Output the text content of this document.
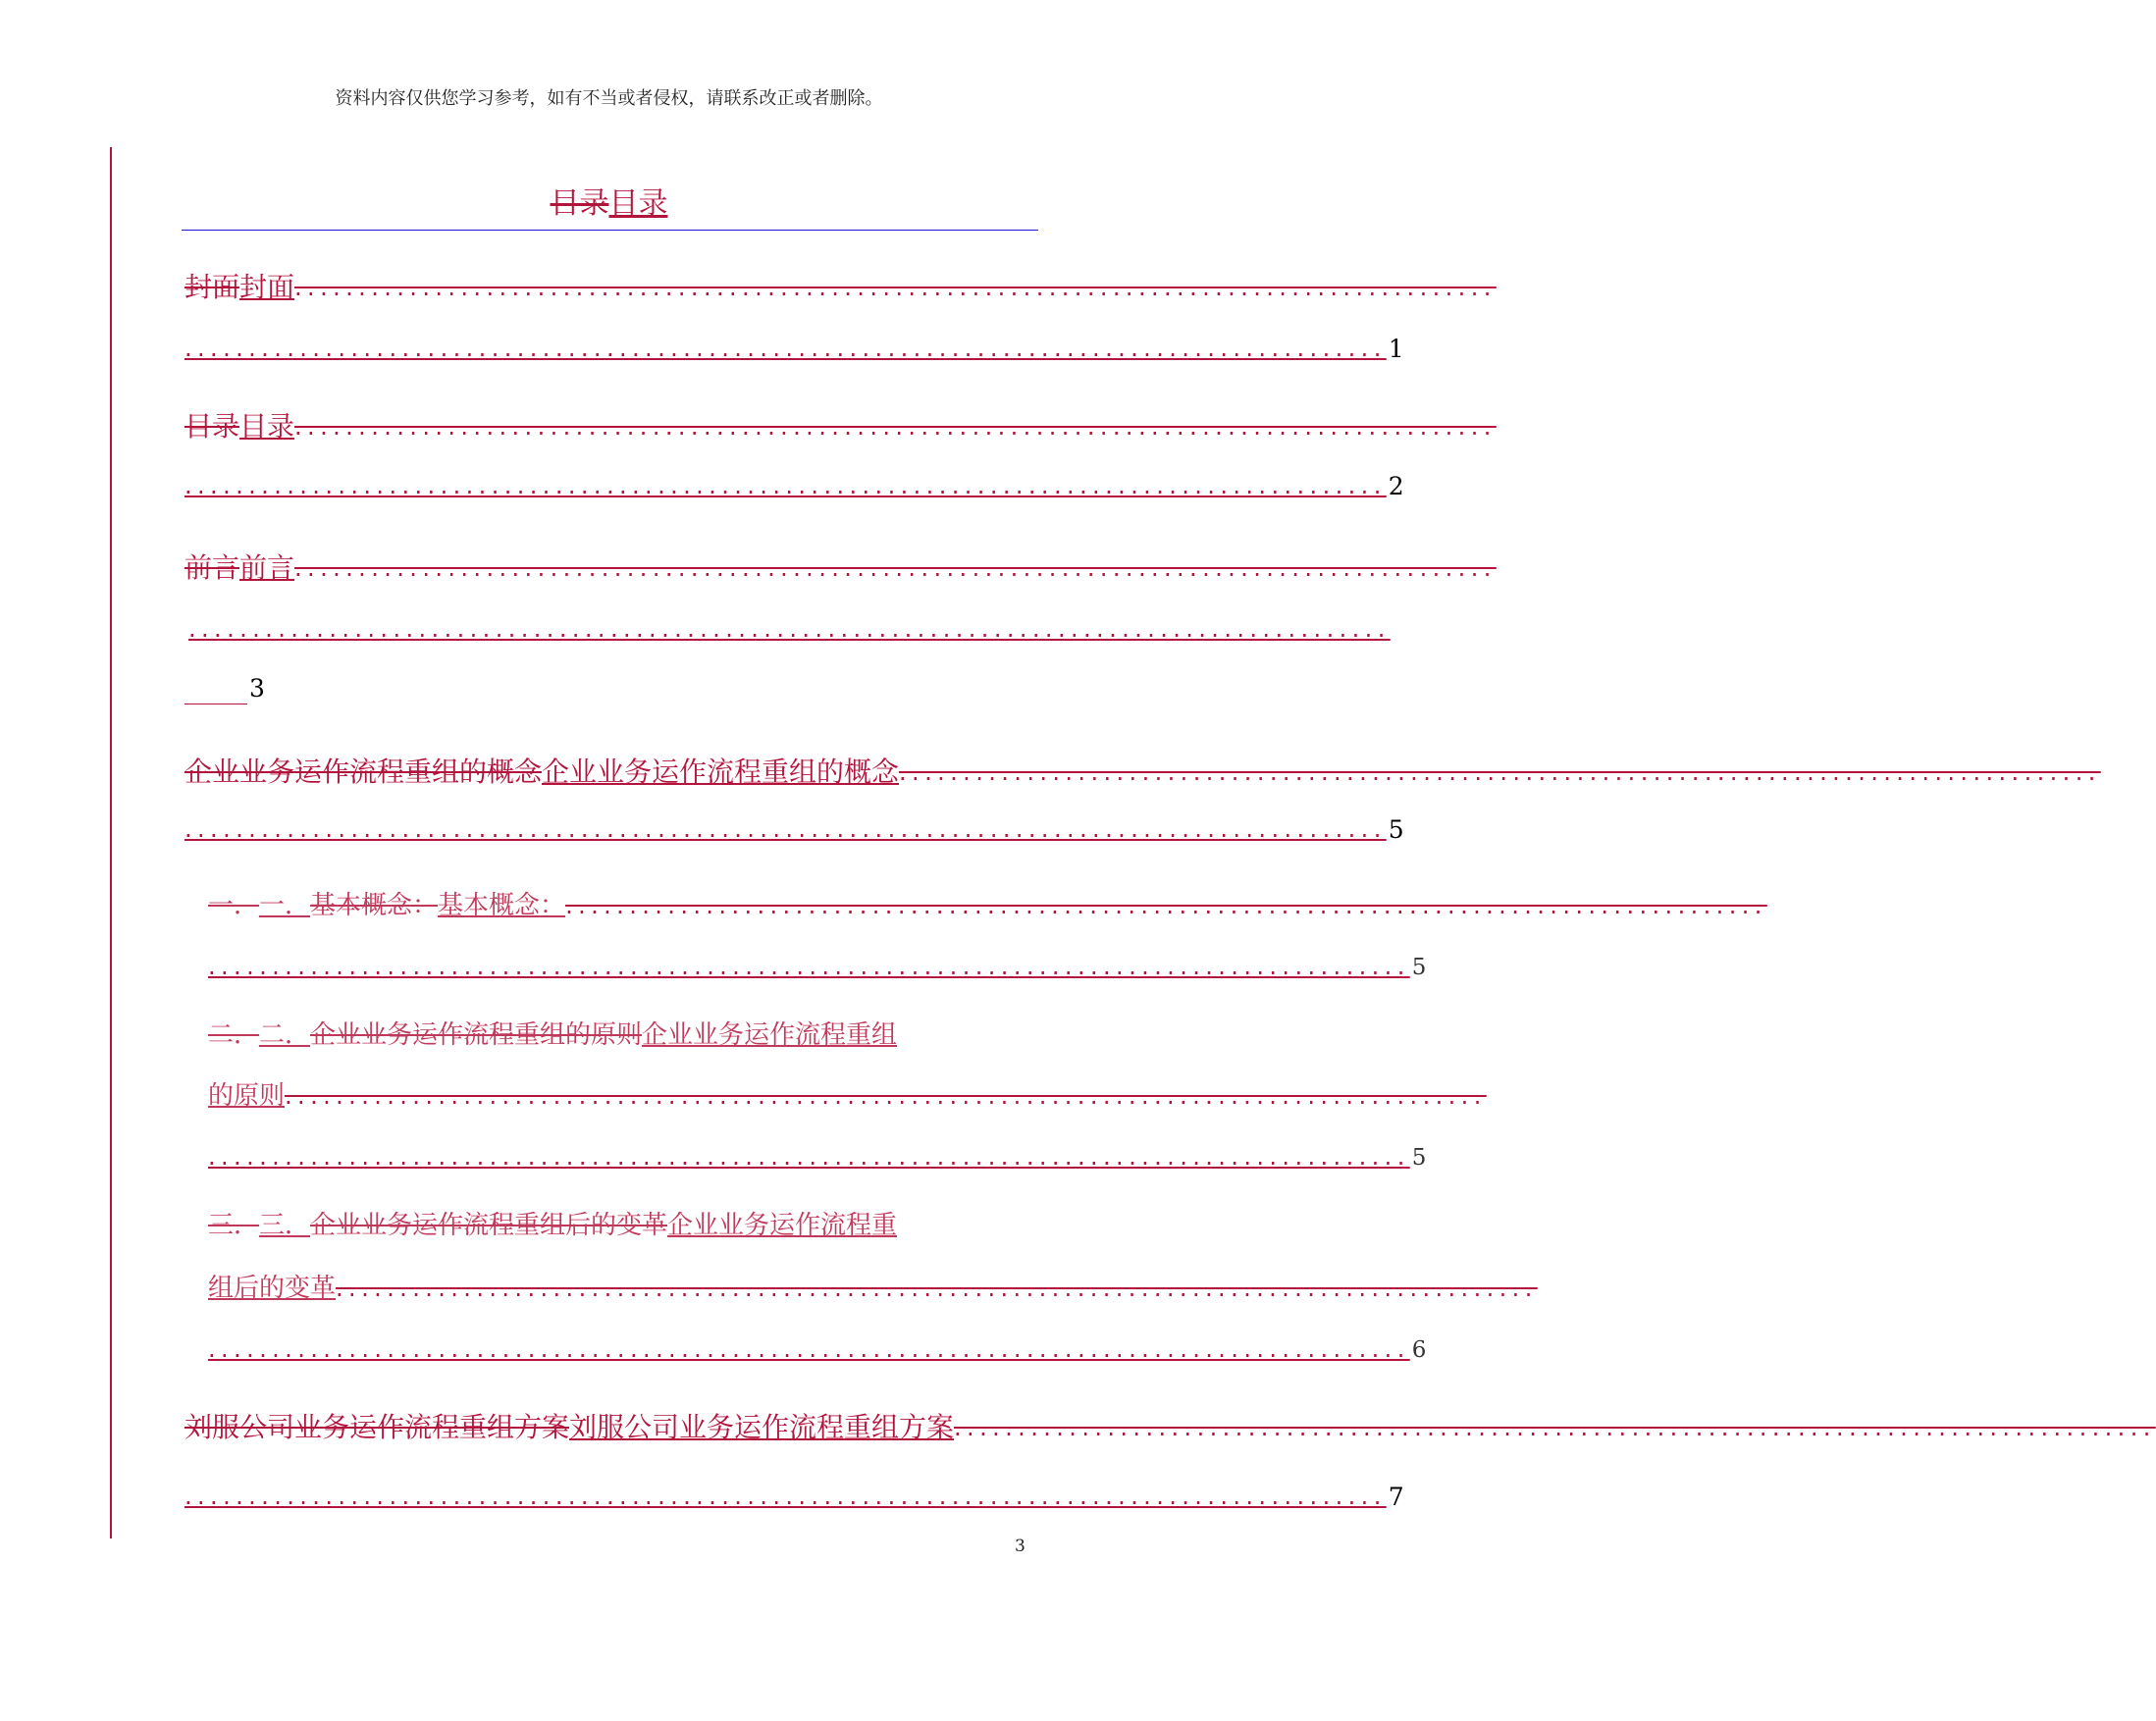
资料内容仅供您学习参考，如有不当或者侵权，请联系改正或者删除。
目录目录
封面封面 ..............................................................................................
.............................................................................................. 1
目录目录 ..............................................................................................
.............................................................................................. 2
前言前言 ..............................................................................................
..............................................................................................
3
企业业务运作流程重组的概念企业业务运作流程重组的概念 ..............................................................................................
.............................................................................................. 5
一．一．基本概念：基本概念： ..............................................................................................
.............................................................................................. 5
二．二．企业业务运作流程重组的原则企业业务运作流程重组
的原则 ..............................................................................................
.............................................................................................. 5
三．三．企业业务运作流程重组后的变革企业业务运作流程重
组后的变革 ..............................................................................................
.............................................................................................. 6
刘服公司业务运作流程重组方案刘服公司业务运作流程重组方案 ..............................................................................................
.............................................................................................. 7
3
